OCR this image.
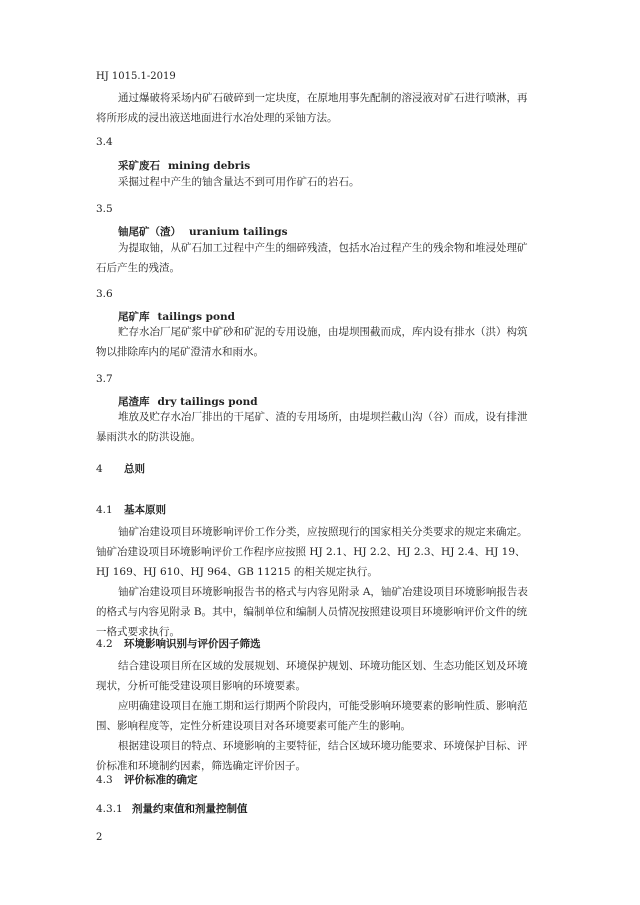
HJ 1015.1-2019
通过爆破将采场内矿石破碎到一定块度，在原地用事先配制的溶浸液对矿石进行喷淋，再将所形成的浸出液送地面进行水冶处理的采铀方法。
3.4
采矿废石 mining debris
采掘过程中产生的铀含量达不到可用作矿石的岩石。
3.5
铀尾矿（渣） uranium tailings
为提取铀，从矿石加工过程中产生的细碎残渣，包括水冶过程产生的残余物和堆浸处理矿石后产生的残渣。
3.6
尾矿库 tailings pond
贮存水冶厂尾矿浆中矿砂和矿泥的专用设施，由堤坝围截而成，库内设有排水（洪）构筑物以排除库内的尾矿澄清水和雨水。
3.7
尾渣库 dry tailings pond
堆放及贮存水冶厂排出的干尾矿、渣的专用场所，由堤坝拦截山沟（谷）而成，设有排泄暴雨洪水的防洪设施。
4 总则
4.1 基本原则
铀矿冶建设项目环境影响评价工作分类，应按照现行的国家相关分类要求的规定来确定。铀矿冶建设项目环境影响评价工作程序应按照 HJ 2.1、HJ 2.2、HJ 2.3、HJ 2.4、HJ 19、HJ 169、HJ 610、HJ 964、GB 11215 的相关规定执行。
铀矿冶建设项目环境影响报告书的格式与内容见附录 A，铀矿冶建设项目环境影响报告表的格式与内容见附录 B。其中，编制单位和编制人员情况按照建设项目环境影响评价文件的统一格式要求执行。
4.2 环境影响识别与评价因子筛选
结合建设项目所在区域的发展规划、环境保护规划、环境功能区划、生态功能区划及环境现状，分析可能受建设项目影响的环境要素。
应明确建设项目在施工期和运行期两个阶段内，可能受影响环境要素的影响性质、影响范围、影响程度等，定性分析建设项目对各环境要素可能产生的影响。
根据建设项目的特点、环境影响的主要特征，结合区域环境功能要求、环境保护目标、评价标准和环境制约因素，筛选确定评价因子。
4.3 评价标准的确定
4.3.1 剂量约束值和剂量控制值
2
